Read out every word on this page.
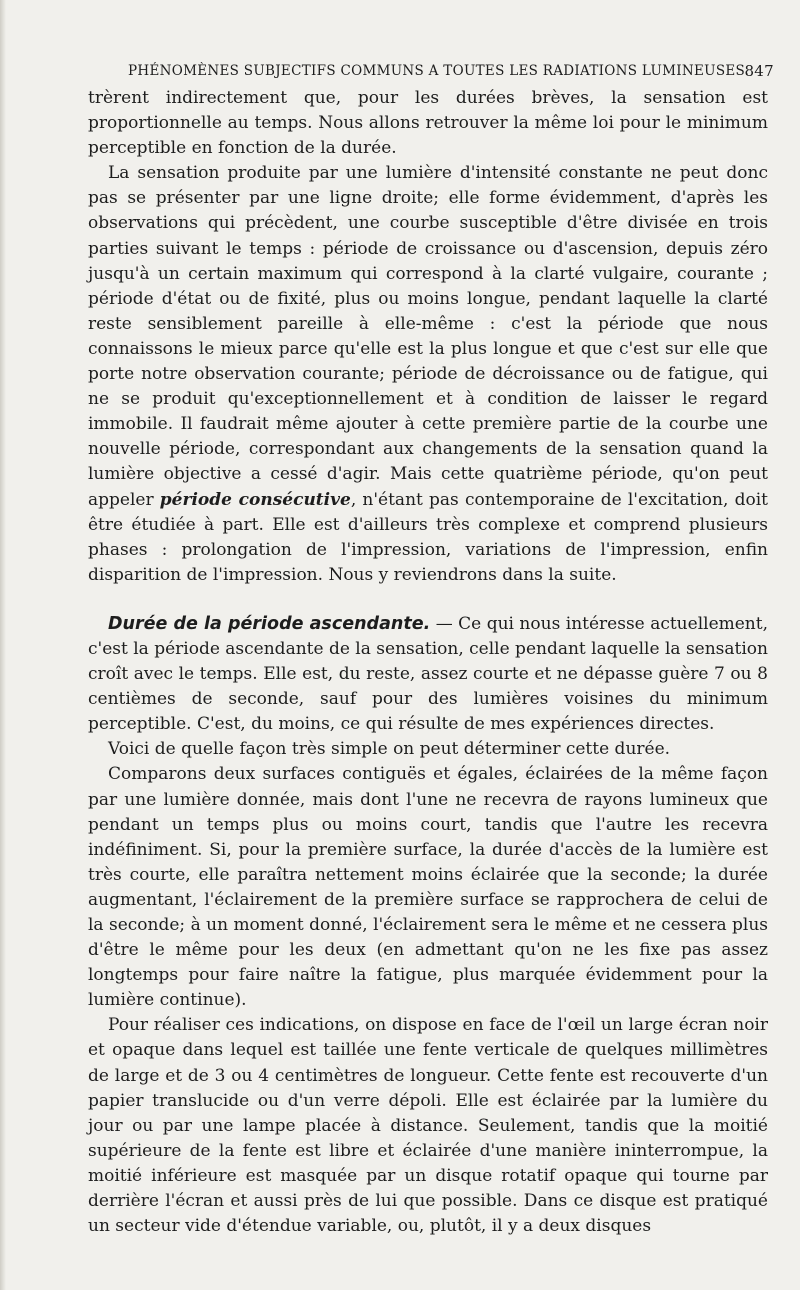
PHÉNOMÈNES SUBJECTIFS COMMUNS A TOUTES LES RADIATIONS LUMINEUSES.
847

trèrent indirectement que, pour les durées brèves, la sensation est proportionnelle au temps. Nous allons retrouver la même loi pour le minimum perceptible en fonction de la durée.

La sensation produite par une lumière d'intensité constante ne peut donc pas se présenter par une ligne droite; elle forme évidemment, d'après les observations qui précèdent, une courbe susceptible d'être divisée en trois parties suivant le temps : période de croissance ou d'ascension, depuis zéro jusqu'à un certain maximum qui correspond à la clarté vulgaire, courante ; période d'état ou de fixité, plus ou moins longue, pendant laquelle la clarté reste sensiblement pareille à elle-même : c'est la période que nous connaissons le mieux parce qu'elle est la plus longue et que c'est sur elle que porte notre observation courante; période de décroissance ou de fatigue, qui ne se produit qu'exceptionnellement et à condition de laisser le regard immobile. Il faudrait même ajouter à cette première partie de la courbe une nouvelle période, correspondant aux changements de la sensation quand la lumière objective a cessé d'agir. Mais cette quatrième période, qu'on peut appeler période consécutive, n'étant pas contemporaine de l'excitation, doit être étudiée à part. Elle est d'ailleurs très complexe et comprend plusieurs phases : prolongation de l'impression, variations de l'impression, enfin disparition de l'impression. Nous y reviendrons dans la suite.

Durée de la période ascendante. — Ce qui nous intéresse actuellement, c'est la période ascendante de la sensation, celle pendant laquelle la sensation croît avec le temps. Elle est, du reste, assez courte et ne dépasse guère 7 ou 8 centièmes de seconde, sauf pour des lumières voisines du minimum perceptible. C'est, du moins, ce qui résulte de mes expériences directes.

Voici de quelle façon très simple on peut déterminer cette durée.

Comparons deux surfaces contiguës et égales, éclairées de la même façon par une lumière donnée, mais dont l'une ne recevra de rayons lumineux que pendant un temps plus ou moins court, tandis que l'autre les recevra indéfiniment. Si, pour la première surface, la durée d'accès de la lumière est très courte, elle paraîtra nettement moins éclairée que la seconde; la durée augmentant, l'éclairement de la première surface se rapprochera de celui de la seconde; à un moment donné, l'éclairement sera le même et ne cessera plus d'être le même pour les deux (en admettant qu'on ne les fixe pas assez longtemps pour faire naître la fatigue, plus marquée évidemment pour la lumière continue).

Pour réaliser ces indications, on dispose en face de l'œil un large écran noir et opaque dans lequel est taillée une fente verticale de quelques millimètres de large et de 3 ou 4 centimètres de longueur. Cette fente est recouverte d'un papier translucide ou d'un verre dépoli. Elle est éclairée par la lumière du jour ou par une lampe placée à distance. Seulement, tandis que la moitié supérieure de la fente est libre et éclairée d'une manière ininterrompue, la moitié inférieure est masquée par un disque rotatif opaque qui tourne par derrière l'écran et aussi près de lui que possible. Dans ce disque est pratiqué un secteur vide d'étendue variable, ou, plutôt, il y a deux disques
